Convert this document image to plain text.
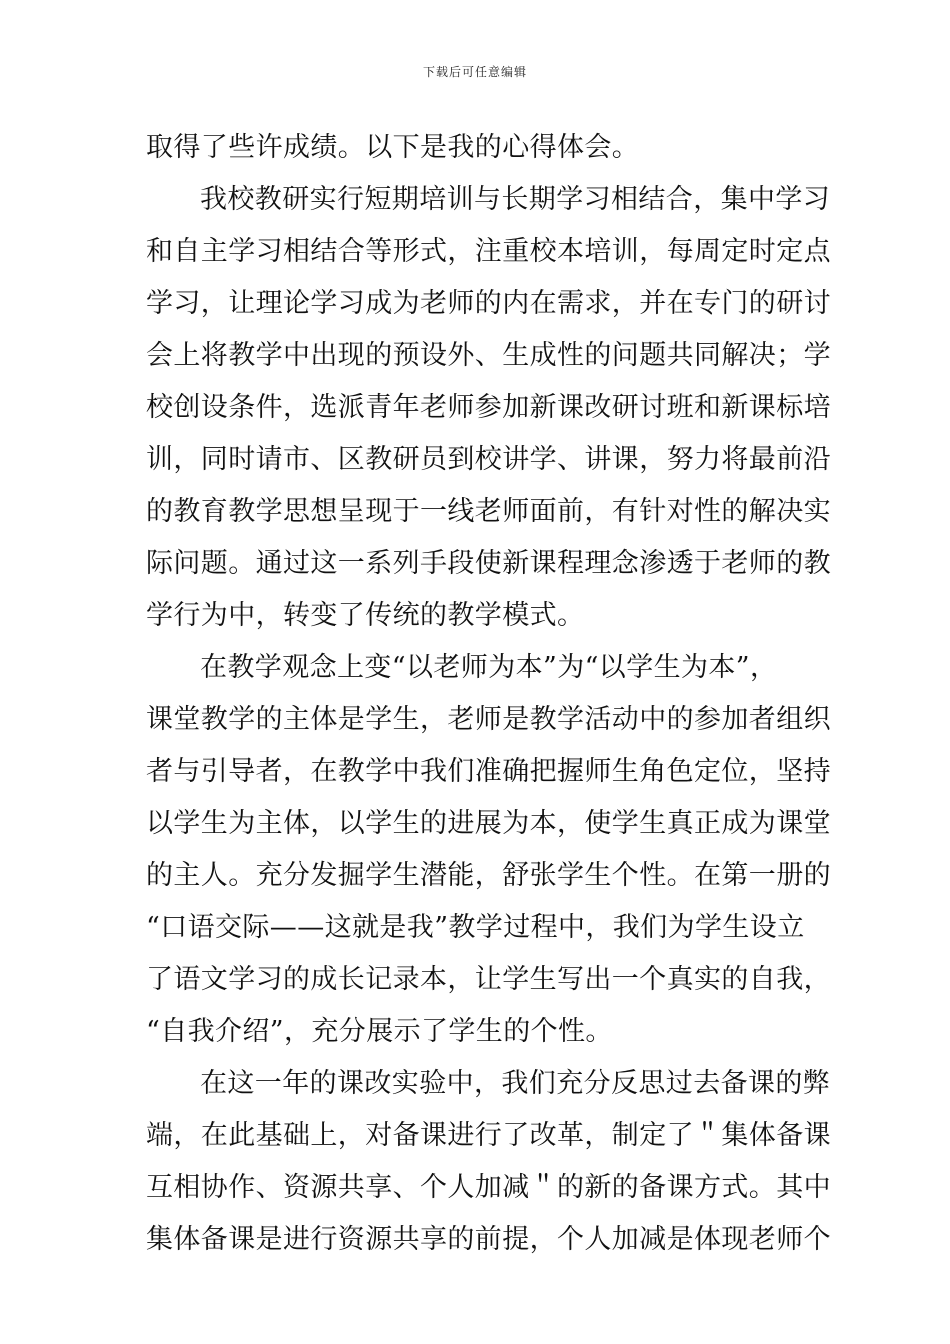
下载后可任意编辑
取得了些许成绩。以下是我的心得体会。
我校教研实行短期培训与长期学习相结合，集中学习
和自主学习相结合等形式，注重校本培训，每周定时定点
学习，让理论学习成为老师的内在需求，并在专门的研讨
会上将教学中出现的预设外、生成性的问题共同解决；学
校创设条件，选派青年老师参加新课改研讨班和新课标培
训，同时请市、区教研员到校讲学、讲课，努力将最前沿
的教育教学思想呈现于一线老师面前，有针对性的解决实
际问题。通过这一系列手段使新课程理念渗透于老师的教
学行为中，转变了传统的教学模式。
在教学观念上变“以老师为本”为“以学生为本”，
课堂教学的主体是学生，老师是教学活动中的参加者组织
者与引导者，在教学中我们准确把握师生角色定位，坚持
以学生为主体，以学生的进展为本，使学生真正成为课堂
的主人。充分发掘学生潜能，舒张学生个性。在第一册的
“口语交际——这就是我”教学过程中，我们为学生设立
了语文学习的成长记录本，让学生写出一个真实的自我，
“自我介绍”，充分展示了学生的个性。
在这一年的课改实验中，我们充分反思过去备课的弊
端，在此基础上，对备课进行了改革，制定了＂集体备课
互相协作、资源共享、个人加减＂的新的备课方式。其中
集体备课是进行资源共享的前提，个人加减是体现老师个
